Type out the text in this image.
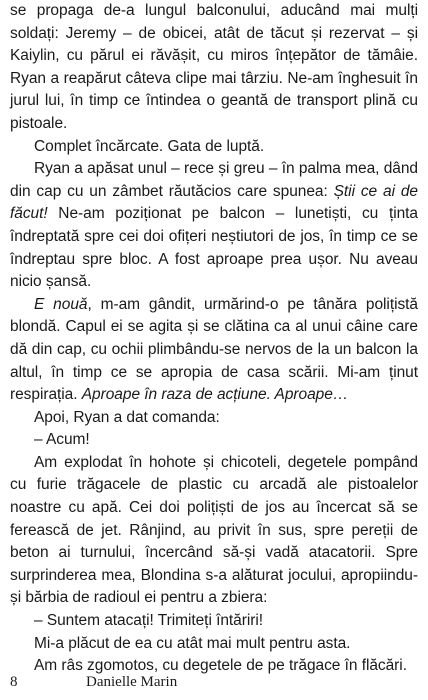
se propaga de-a lungul balconului, aducând mai mulți soldați: Jeremy – de obicei, atât de tăcut și rezervat – și Kaiylin, cu părul ei răvășit, cu miros înțepător de tămâie. Ryan a reapărut câteva clipe mai târziu. Ne-am înghesuit în jurul lui, în timp ce întindea o geantă de transport plină cu pistoale.

Complet încărcate. Gata de luptă.

Ryan a apăsat unul – rece și greu – în palma mea, dând din cap cu un zâmbet răutăcios care spunea: Știi ce ai de făcut! Ne-am poziționat pe balcon – lunetiști, cu ținta îndreptată spre cei doi ofițeri neștiutori de jos, în timp ce se îndreptau spre bloc. A fost aproape prea ușor. Nu aveau nicio șansă.

E nouă, m-am gândit, urmărind-o pe tânăra polițistă blondă. Capul ei se agita și se clătina ca al unui câine care dă din cap, cu ochii plimbându-se nervos de la un balcon la altul, în timp ce se apropia de casa scării. Mi-am ținut respirația. Aproape în raza de acțiune. Aproape…

Apoi, Ryan a dat comanda:

– Acum!

Am explodat în hohote și chicoteli, degetele pompând cu furie trăgacele de plastic cu arcadă ale pistoalelor noastre cu apă. Cei doi polițiști de jos au încercat să se ferească de jet. Rânjind, au privit în sus, spre pereții de beton ai turnului, încercând să-și vadă atacatorii. Spre surprinderea mea, Blondina s-a alăturat jocului, apropiindu-și bărbia de radioul ei pentru a zbiera:

– Suntem atacați! Trimiteți întăriri!

Mi-a plăcut de ea cu atât mai mult pentru asta.

Am râs zgomotos, cu degetele de pe trăgace în flăcări.

8	Danielle Marin
